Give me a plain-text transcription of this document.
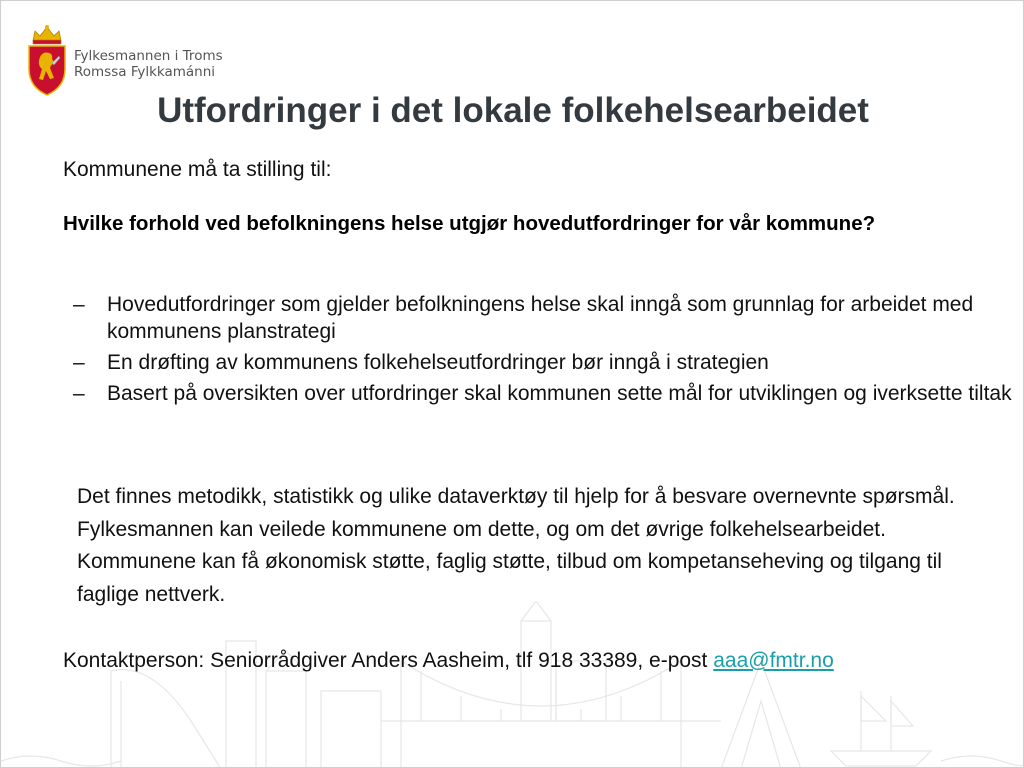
Fylkesmannen i Troms
Romssa Fylkkamánni
Utfordringer i det lokale folkehelsearbeidet
Kommunene må ta stilling til:
Hvilke forhold ved befolkningens helse utgjør hovedutfordringer for vår kommune?
– Hovedutfordringer som gjelder befolkningens helse skal inngå som grunnlag for arbeidet med kommunens planstrategi
– En drøfting av kommunens folkehelseutfordringer bør inngå i strategien
– Basert på oversikten over utfordringer skal kommunen sette mål for utviklingen og iverksette tiltak
Det finnes metodikk, statistikk og ulike dataverktøy til hjelp for å besvare overnevnte spørsmål. Fylkesmannen kan veilede kommunene om dette, og om det øvrige folkehelsearbeidet. Kommunene kan få økonomisk støtte, faglig støtte, tilbud om kompetanseheving og tilgang til faglige nettverk.
Kontaktperson: Seniorrådgiver Anders Aasheim, tlf 918 33389, e-post aaa@fmtr.no
